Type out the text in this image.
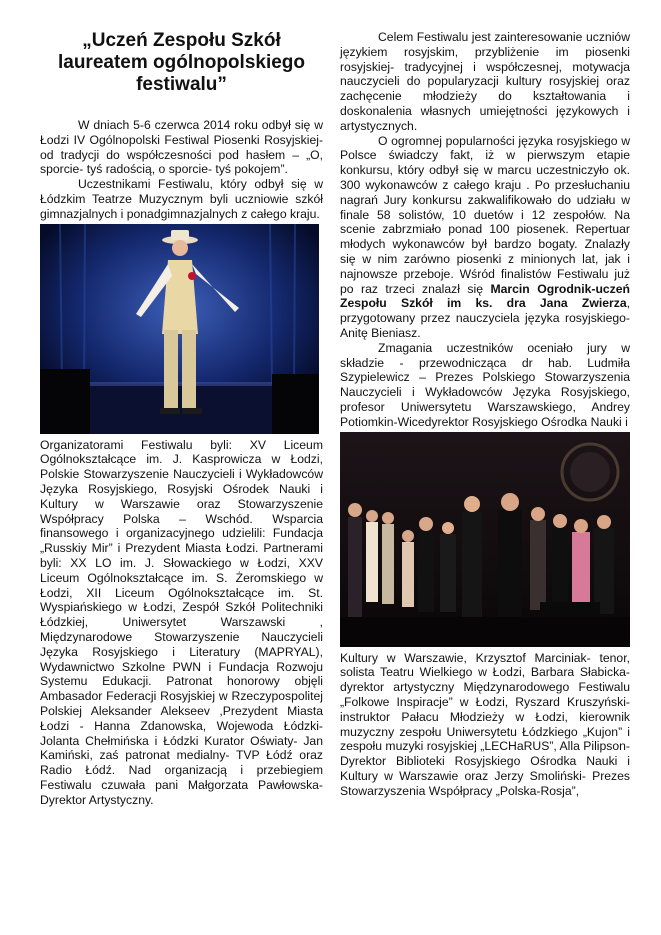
„Uczeń Zespołu Szkół laureatem ogólnopolskiego festiwalu”

W dniach 5-6 czerwca 2014 roku odbył się w Łodzi IV Ogólnopolski Festiwal Piosenki Rosyjskiej- od tradycji do współczesności pod hasłem – „O, sporcie- tyś radością, o sporcie- tyś pokojem”.

Uczestnikami Festiwalu, który odbył się w Łódzkim Teatrze Muzycznym byli uczniowie szkół gimnazjalnych i ponadgimnazjalnych z całego kraju.

Organizatorami Festiwalu byli: XV Liceum Ogólnokształcące im. J. Kasprowicza w Łodzi, Polskie Stowarzyszenie Nauczycieli i Wykładowców Języka Rosyjskiego, Rosyjski Ośrodek Nauki i Kultury w Warszawie oraz Stowarzyszenie Współpracy Polska – Wschód. Wsparcia finansowego i organizacyjnego udzielili: Fundacja „Russkiy Mir” i Prezydent Miasta Łodzi. Partnerami byli: XX LO im. J. Słowackiego w Łodzi, XXV Liceum Ogólnokształcące im. S. Żeromskiego w Łodzi, XII Liceum Ogólnokształcące im. St. Wyspiańskiego w Łodzi, Zespół Szkół Politechniki Łódzkiej, Uniwersytet Warszawski , Międzynarodowe Stowarzyszenie Nauczycieli Języka Rosyjskiego i Literatury (MAPRYAL), Wydawnictwo Szkolne PWN i Fundacja Rozwoju Systemu Edukacji. Patronat honorowy objęli Ambasador Federacji Rosyjskiej w Rzeczypospolitej Polskiej Aleksander Alekseev ,Prezydent Miasta Łodzi - Hanna Zdanowska, Wojewoda Łódzki- Jolanta Chełmińska i Łódzki Kurator Oświaty- Jan Kamiński, zaś patronat medialny- TVP Łódź oraz Radio Łódź. Nad organizacją i przebiegiem Festiwalu czuwała pani Małgorzata Pawłowska- Dyrektor Artystyczny.

Celem Festiwalu jest zainteresowanie uczniów językiem rosyjskim, przybliżenie im piosenki rosyjskiej- tradycyjnej i współczesnej, motywacja nauczycieli do popularyzacji kultury rosyjskiej oraz zachęcenie młodzieży do kształtowania i doskonalenia własnych umiejętności językowych i artystycznych.

O ogromnej popularności języka rosyjskiego w Polsce świadczy fakt, iż w pierwszym etapie konkursu, który odbył się w marcu uczestniczyło ok. 300 wykonawców z całego kraju . Po przesłuchaniu nagrań Jury konkursu zakwalifikowało do udziału w finale 58 solistów, 10 duetów i 12 zespołów. Na scenie zabrzmiało ponad 100 piosenek. Repertuar młodych wykonawców był bardzo bogaty. Znalazły się w nim zarówno piosenki z minionych lat, jak i najnowsze przeboje. Wśród finalistów Festiwalu już po raz trzeci znalazł się Marcin Ogrodnik-uczeń Zespołu Szkół im ks. dra Jana Zwierza, przygotowany przez nauczyciela języka rosyjskiego-Anitę Bieniasz.

Zmagania uczestników oceniało jury w składzie - przewodnicząca dr hab. Ludmiła Szypielewicz – Prezes Polskiego Stowarzyszenia Nauczycieli i Wykładowców Języka Rosyjskiego, profesor Uniwersytetu Warszawskiego, Andrey Potiomkin-Wicedyrektor Rosyjskiego Ośrodka Nauki i

Kultury w Warszawie, Krzysztof Marciniak- tenor, solista Teatru Wielkiego w Łodzi, Barbara Słabicka- dyrektor artystyczny Międzynarodowego Festiwalu „Folkowe Inspiracje” w Łodzi, Ryszard Kruszyński-instruktor Pałacu Młodzieży w Łodzi, kierownik muzyczny zespołu Uniwersytetu Łódzkiego „Kujon” i zespołu muzyki rosyjskiej „LECHaRUS”, Alla Pilipson- Dyrektor Biblioteki Rosyjskiego Ośrodka Nauki i Kultury w Warszawie oraz Jerzy Smoliński- Prezes Stowarzyszenia Współpracy „Polska-Rosja”,
